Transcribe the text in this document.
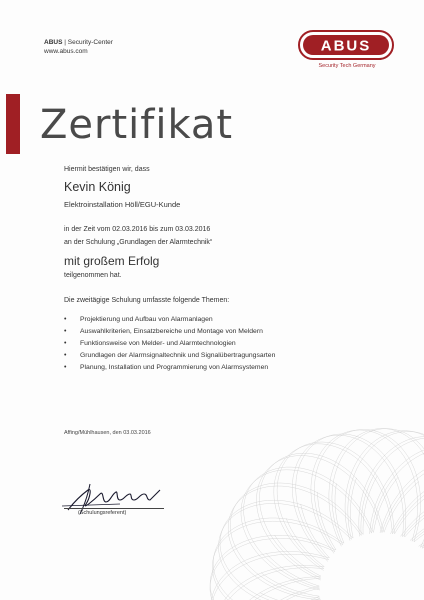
ABUS | Security-Center
www.abus.com	ABUS
Security Tech Germany
Zertifikat
Hiermit bestätigen wir, dass
Kevin König
Elektroinstallation Höll/EGU-Kunde
in der Zeit vom 02.03.2016 bis zum 03.03.2016
an der Schulung „Grundlagen der Alarmtechnik“
mit großem Erfolg
teilgenommen hat.
Die zweitägige Schulung umfasste folgende Themen:
• Projektierung und Aufbau von Alarmanlagen
• Auswahlkriterien, Einsatzbereiche und Montage von Meldern
• Funktionsweise von Melder- und Alarmtechnologien
• Grundlagen der Alarmsignaltechnik und Signalübertragungsarten
• Planung, Installation und Programmierung von Alarmsystemen
Affing/Mühlhausen, den 03.03.2016
(Schulungsreferent)
